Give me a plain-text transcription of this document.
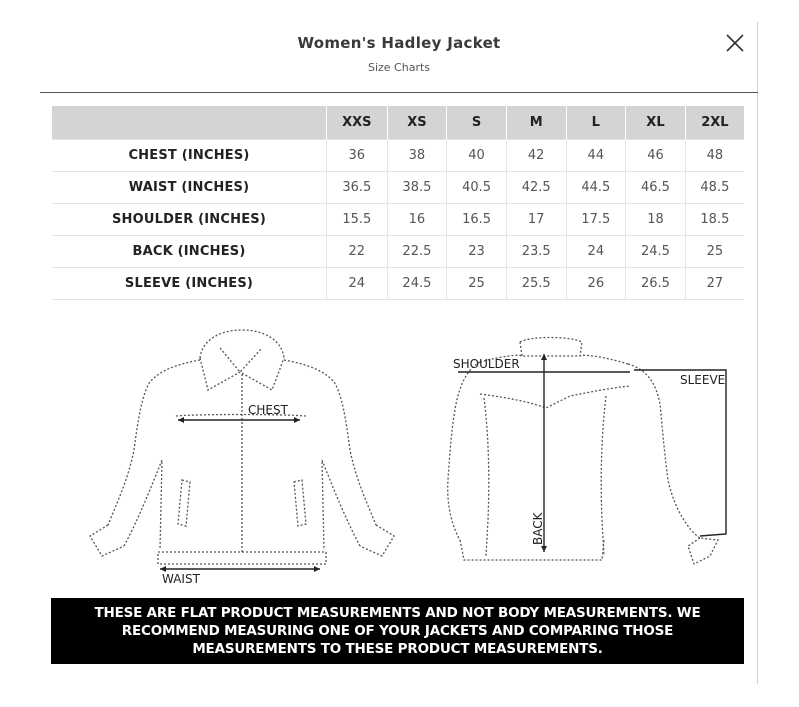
Women's Hadley Jacket
Size Charts
	XXS	XS	S	M	L	XL	2XL
CHEST (INCHES)	36	38	40	42	44	46	48
WAIST (INCHES)	36.5	38.5	40.5	42.5	44.5	46.5	48.5
SHOULDER (INCHES)	15.5	16	16.5	17	17.5	18	18.5
BACK (INCHES)	22	22.5	23	23.5	24	24.5	25
SLEEVE (INCHES)	24	24.5	25	25.5	26	26.5	27
CHEST
WAIST
SHOULDER
SLEEVE
BACK
THESE ARE FLAT PRODUCT MEASUREMENTS AND NOT BODY MEASUREMENTS. WE
RECOMMEND MEASURING ONE OF YOUR JACKETS AND COMPARING THOSE
MEASUREMENTS TO THESE PRODUCT MEASUREMENTS.
